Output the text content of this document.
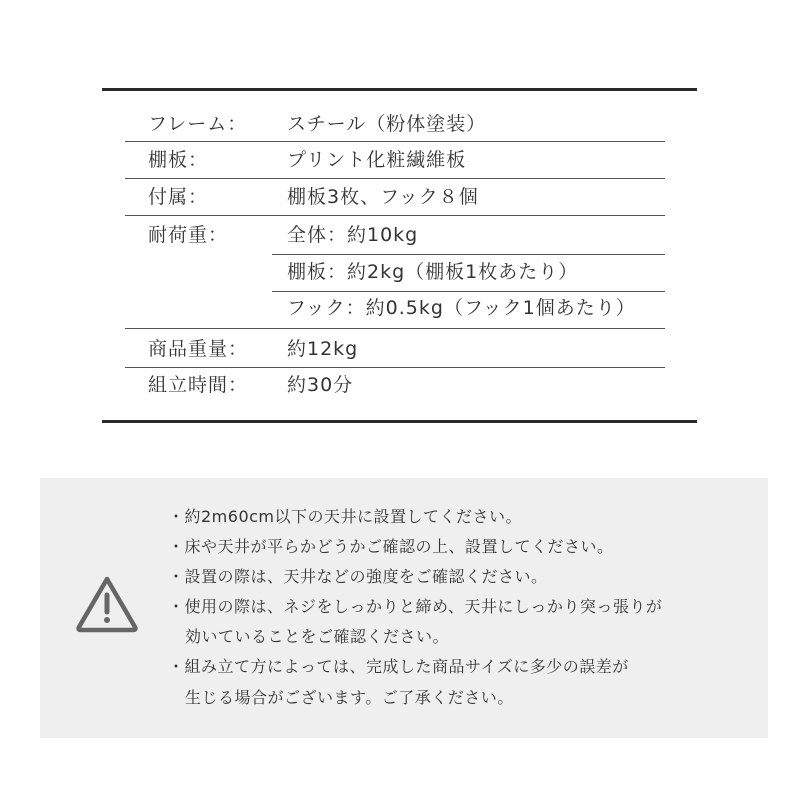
フレーム： スチール（粉体塗装）
棚板：	プリント化粧繊維板
付属：	棚板3枚、フック８個
耐荷重：	全体：約10kg
棚板：約2kg（棚板1枚あたり）
フック：約0.5kg（フック1個あたり）
商品重量： 約12kg
組立時間： 約30分
・約2m60cm以下の天井に設置してください。
・床や天井が平らかどうかご確認の上、設置してください。
・設置の際は、天井などの強度をご確認ください。
・使用の際は、ネジをしっかりと締め、天井にしっかり突っ張りが
効いていることをご確認ください。
・組み立て方によっては、完成した商品サイズに多少の誤差が
生じる場合がございます。ご了承ください。
